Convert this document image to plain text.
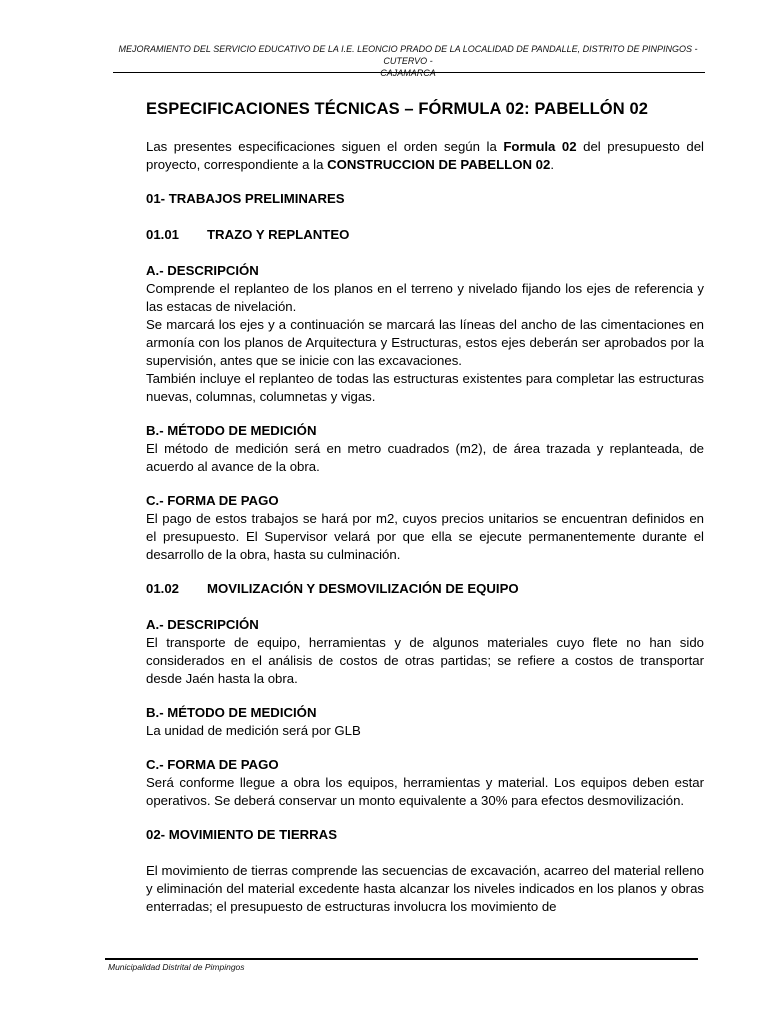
MEJORAMIENTO DEL SERVICIO EDUCATIVO DE LA I.E. LEONCIO PRADO DE LA LOCALIDAD DE PANDALLE, DISTRITO DE PINPINGOS - CUTERVO -
CAJAMARCA
ESPECIFICACIONES TÉCNICAS – FÓRMULA 02: PABELLÓN 02

Las presentes especificaciones siguen el orden según la Formula 02 del presupuesto del proyecto, correspondiente a la CONSTRUCCION DE PABELLON 02.

01- TRABAJOS PRELIMINARES
01.01	TRAZO Y REPLANTEO
A.- DESCRIPCIÓN

Comprende el replanteo de los planos en el terreno y nivelado fijando los ejes de referencia y las estacas de nivelación.

Se marcará los ejes y a continuación se marcará las líneas del ancho de las cimentaciones en armonía con los planos de Arquitectura y Estructuras, estos ejes deberán ser aprobados por la supervisión, antes que se inicie con las excavaciones.

También incluye el replanteo de todas las estructuras existentes para completar las estructuras nuevas, columnas, columnetas y vigas.

B.- MÉTODO DE MEDICIÓN

El método de medición será en metro cuadrados (m2), de área trazada y replanteada, de acuerdo al avance de la obra.

C.- FORMA DE PAGO

El pago de estos trabajos se hará por m2, cuyos precios unitarios se encuentran definidos en el presupuesto. El Supervisor velará por que ella se ejecute permanentemente durante el desarrollo de la obra, hasta su culminación.

01.02	MOVILIZACIÓN Y DESMOVILIZACIÓN DE EQUIPO
A.- DESCRIPCIÓN

El transporte de equipo, herramientas y de algunos materiales cuyo flete no han sido considerados en el análisis de costos de otras partidas; se refiere a costos de transportar desde Jaén hasta la obra.

B.- MÉTODO DE MEDICIÓN

La unidad de medición será por GLB

C.- FORMA DE PAGO

Será conforme llegue a obra los equipos, herramientas y material. Los equipos deben estar operativos. Se deberá conservar un monto equivalente a 30% para efectos desmovilización.

02- MOVIMIENTO DE TIERRAS

El movimiento de tierras comprende las secuencias de excavación, acarreo del material relleno y eliminación del material excedente hasta alcanzar los niveles indicados en los planos y obras enterradas; el presupuesto de estructuras involucra los movimiento de

Municipalidad Distrital de Pimpingos
